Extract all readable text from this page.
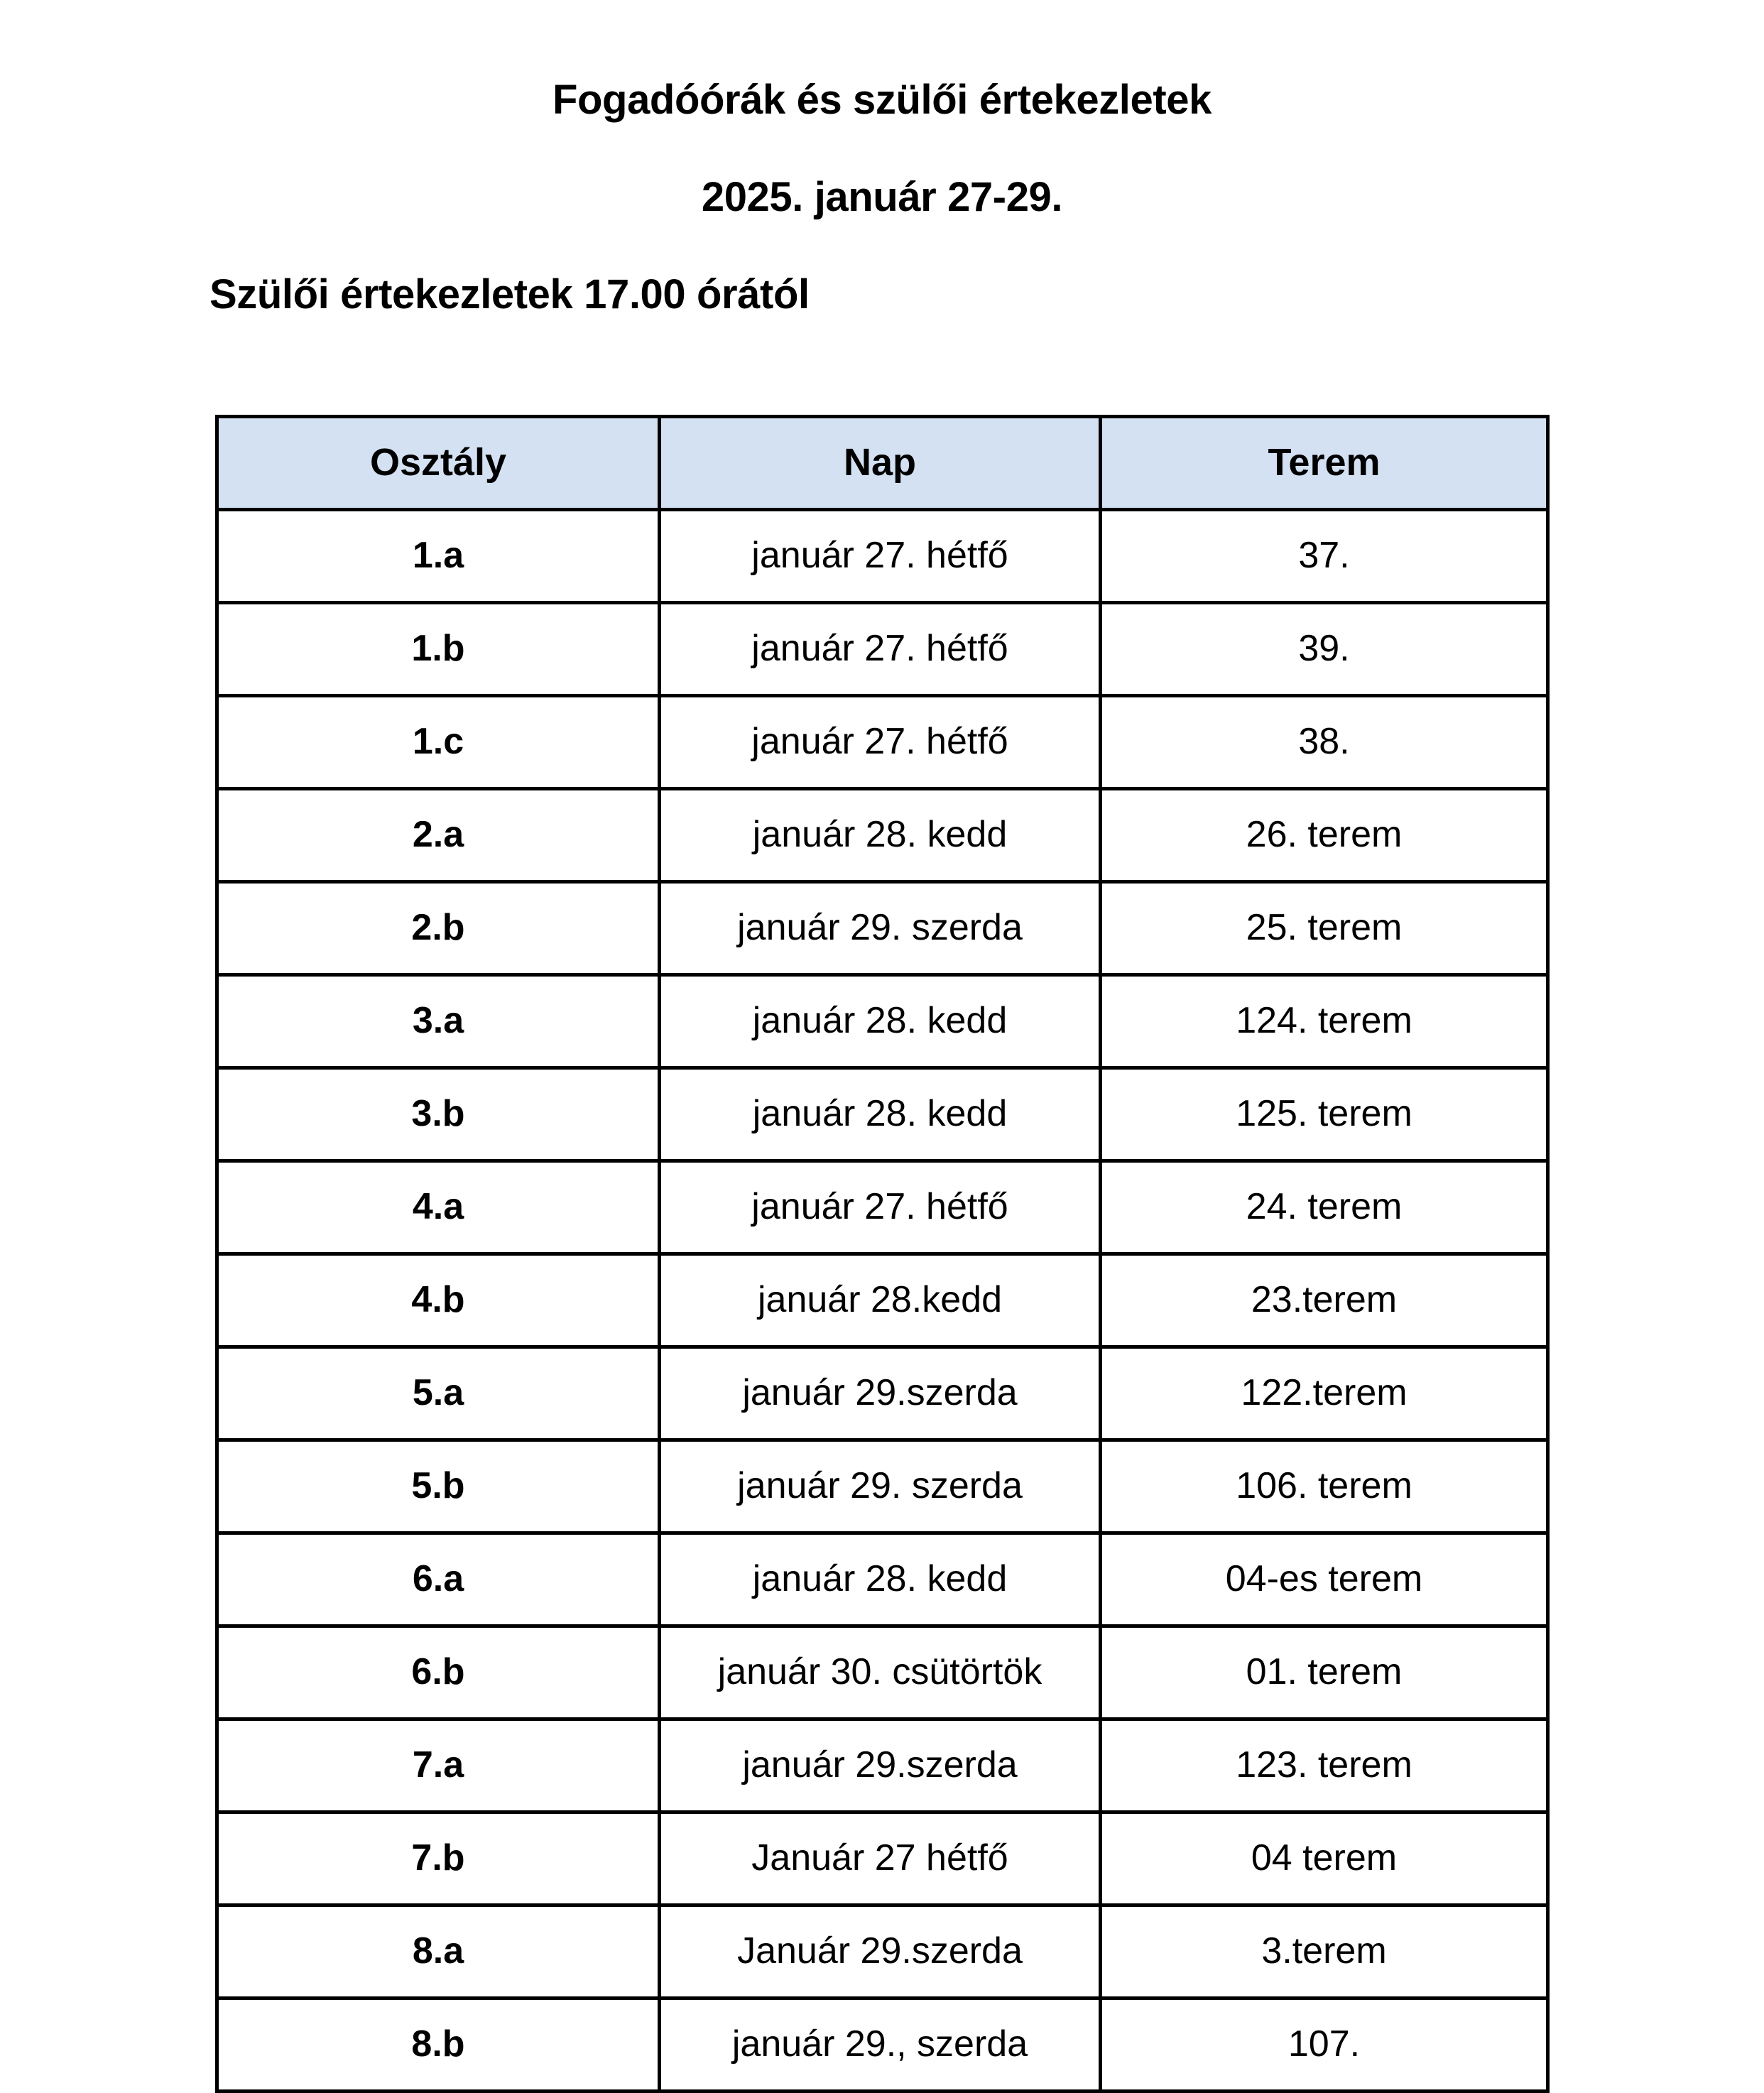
Fogadóórák és szülői értekezletek
2025. január 27-29.
Szülői értekezletek 17.00 órától
Osztály	Nap	Terem
1.a	január 27. hétfő	37.
1.b	január 27. hétfő	39.
1.c	január 27. hétfő	38.
2.a	január 28. kedd	26. terem
2.b	január 29. szerda	25. terem
3.a	január 28. kedd	124. terem
3.b	január 28. kedd	125. terem
4.a	január 27. hétfő	24. terem
4.b	január 28.kedd	23.terem
5.a	január 29.szerda	122.terem
5.b	január 29. szerda	106. terem
6.a	január 28. kedd	04-es terem
6.b	január 30. csütörtök	01. terem
7.a	január 29.szerda	123. terem
7.b	Január 27 hétfő	04 terem
8.a	Január 29.szerda	3.terem
8.b	január 29., szerda	107.
